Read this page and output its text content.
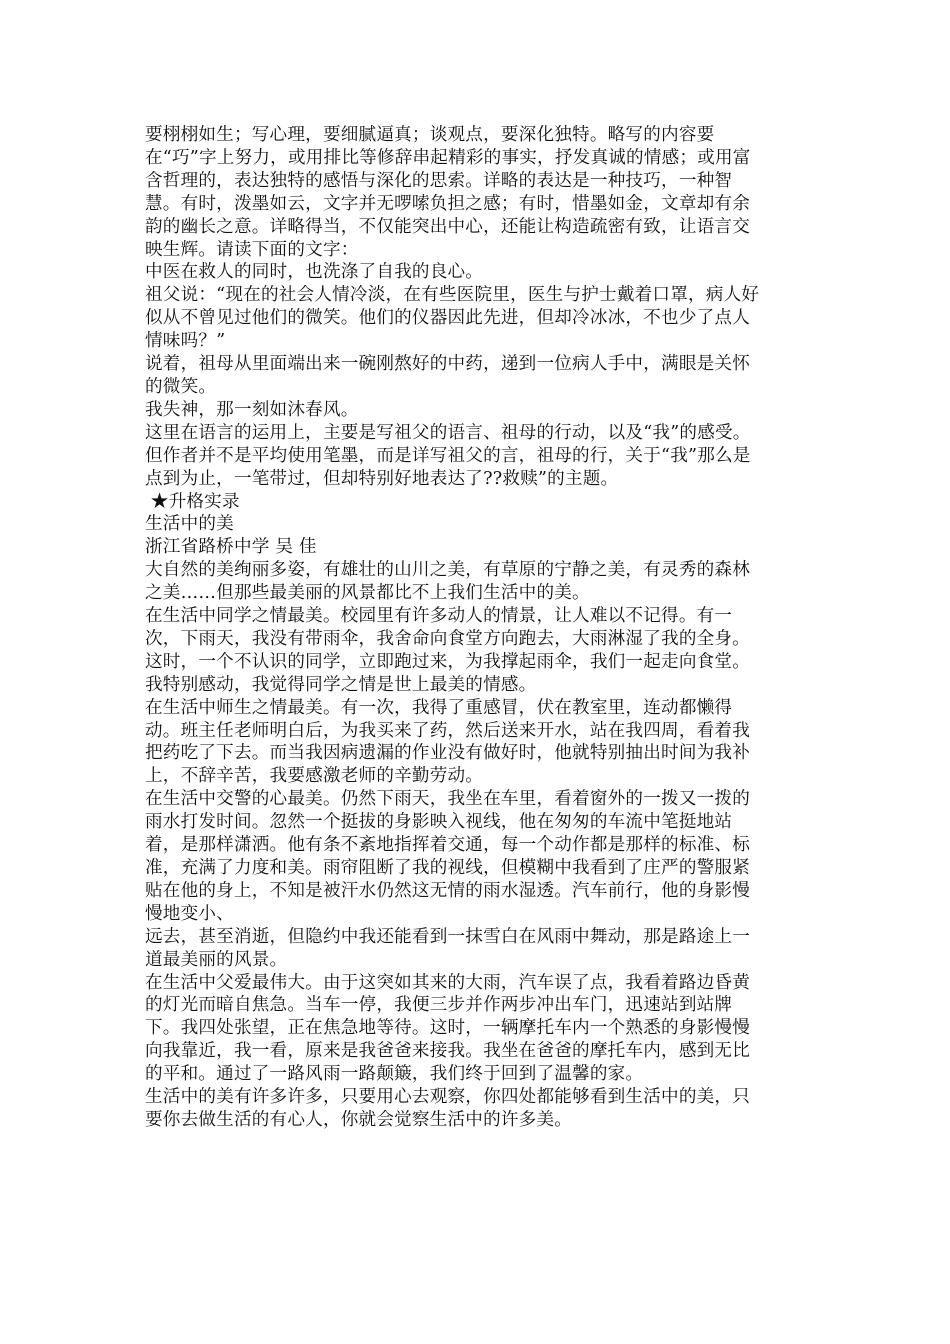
要栩栩如生；写心理，要细腻逼真；谈观点，要深化独特。略写的内容要
在“巧”字上努力，或用排比等修辞串起精彩的事实，抒发真诚的情感；或用富
含哲理的，表达独特的感悟与深化的思索。详略的表达是一种技巧，一种智
慧。有时，泼墨如云，文字并无啰嗦负担之感；有时，惜墨如金，文章却有余
韵的幽长之意。详略得当，不仅能突出中心，还能让构造疏密有致，让语言交
映生辉。请读下面的文字：
中医在救人的同时，也洗涤了自我的良心。
祖父说：“现在的社会人情冷淡，在有些医院里，医生与护士戴着口罩，病人好
似从不曾见过他们的微笑。他们的仪器因此先进，但却冷冰冰，不也少了点人
情味吗？”
说着，祖母从里面端出来一碗刚熬好的中药，递到一位病人手中，满眼是关怀
的微笑。
我失神，那一刻如沐春风。
这里在语言的运用上，主要是写祖父的语言、祖母的行动，以及“我”的感受。
但作者并不是平均使用笔墨，而是详写祖父的言，祖母的行，关于“我”那么是
点到为止，一笔带过，但却特别好地表达了??救赎”的主题。
★升格实录
生活中的美
浙江省路桥中学 吴 佳
大自然的美绚丽多姿，有雄壮的山川之美，有草原的宁静之美，有灵秀的森林
之美……但那些最美丽的风景都比不上我们生活中的美。
在生活中同学之情最美。校园里有许多动人的情景，让人难以不记得。有一
次，下雨天，我没有带雨伞，我舍命向食堂方向跑去，大雨淋湿了我的全身。
这时，一个不认识的同学，立即跑过来，为我撑起雨伞，我们一起走向食堂。
我特别感动，我觉得同学之情是世上最美的情感。
在生活中师生之情最美。有一次，我得了重感冒，伏在教室里，连动都懒得
动。班主任老师明白后，为我买来了药，然后送来开水，站在我四周，看着我
把药吃了下去。而当我因病遗漏的作业没有做好时，他就特别抽出时间为我补
上，不辞辛苦，我要感激老师的辛勤劳动。
在生活中交警的心最美。仍然下雨天，我坐在车里，看着窗外的一拨又一拨的
雨水打发时间。忽然一个挺拔的身影映入视线，他在匆匆的车流中笔挺地站
着，是那样潇洒。他有条不紊地指挥着交通，每一个动作都是那样的标准、标
准，充满了力度和美。雨帘阻断了我的视线，但模糊中我看到了庄严的警服紧
贴在他的身上，不知是被汗水仍然这无情的雨水湿透。汽车前行，他的身影慢
慢地变小、
远去，甚至消逝，但隐约中我还能看到一抹雪白在风雨中舞动，那是路途上一
道最美丽的风景。
在生活中父爱最伟大。由于这突如其来的大雨，汽车误了点，我看着路边昏黄
的灯光而暗自焦急。当车一停，我便三步并作两步冲出车门，迅速站到站牌
下。我四处张望，正在焦急地等待。这时，一辆摩托车内一个熟悉的身影慢慢
向我靠近，我一看，原来是我爸爸来接我。我坐在爸爸的摩托车内，感到无比
的平和。通过了一路风雨一路颠簸，我们终于回到了温馨的家。
生活中的美有许多许多，只要用心去观察，你四处都能够看到生活中的美，只
要你去做生活的有心人，你就会觉察生活中的许多美。
